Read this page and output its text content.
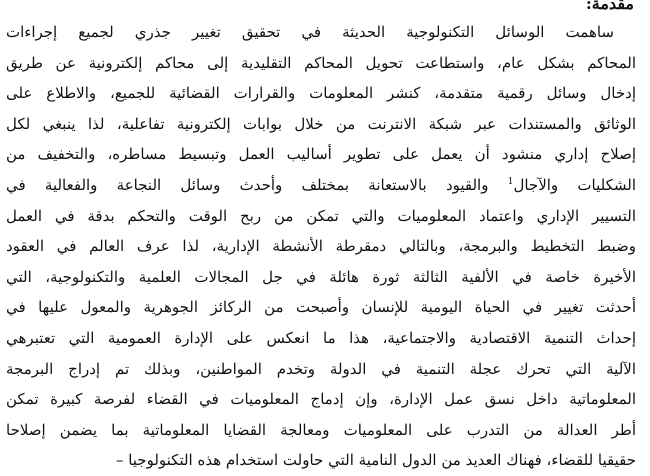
مقدمة:
ساهمت الوسائل التكنولوجية الحديثة في تحقيق تغيير جذري لجميع إجراءات
المحاكم بشكل عام، واستطاعت تحويل المحاكم التقليدية إلى محاكم إلكترونية عن طريق
إدخال وسائل رقمية متقدمة، كنشر المعلومات والقرارات القضائية للجميع، والاطلاع على
الوثائق والمستندات عبر شبكة الانترنت من خلال بوابات إلكترونية تفاعلية، لذا ينبغي لكل
إصلاح إداري منشود أن يعمل على تطوير أساليب العمل وتبسيط مساطره، والتخفيف من
الشكليات والآجال$^1$ والقيود بالاستعانة بمختلف وأحدث وسائل النجاعة والفعالية في
التسيير الإداري واعتماد المعلوميات والتي تمكن من ربح الوقت والتحكم بدقة في العمل
وضبط التخطيط والبرمجة، وبالتالي دمقرطة الأنشطة الإدارية، لذا عرف العالم في العقود
الأخيرة خاصة في الألفية الثالثة ثورة هائلة في جل المجالات العلمية والتكنولوجية، التي
أحدثت تغيير في الحياة اليومية للإنسان وأصبحت من الركائز الجوهرية والمعول عليها في
إحداث التنمية الاقتصادية والاجتماعية، هذا ما انعكس على الإدارة العمومية التي تعتبرهي
الآلية التي تحرك عجلة التنمية في الدولة وتخدم المواطنين، وبذلك تم إدراج البرمجة
المعلوماتية داخل نسق عمل الإدارة، وإن إدماج المعلوميات في القضاء لفرصة كبيرة تمكن
أطر العدالة من التدرب على المعلوميات ومعالجة القضايا المعلوماتية بما يضمن إصلاحا
حقيقيا للقضاء، فهناك العديد من الدول النامية التي حاولت استخدام هذه التكنولوجيا –
